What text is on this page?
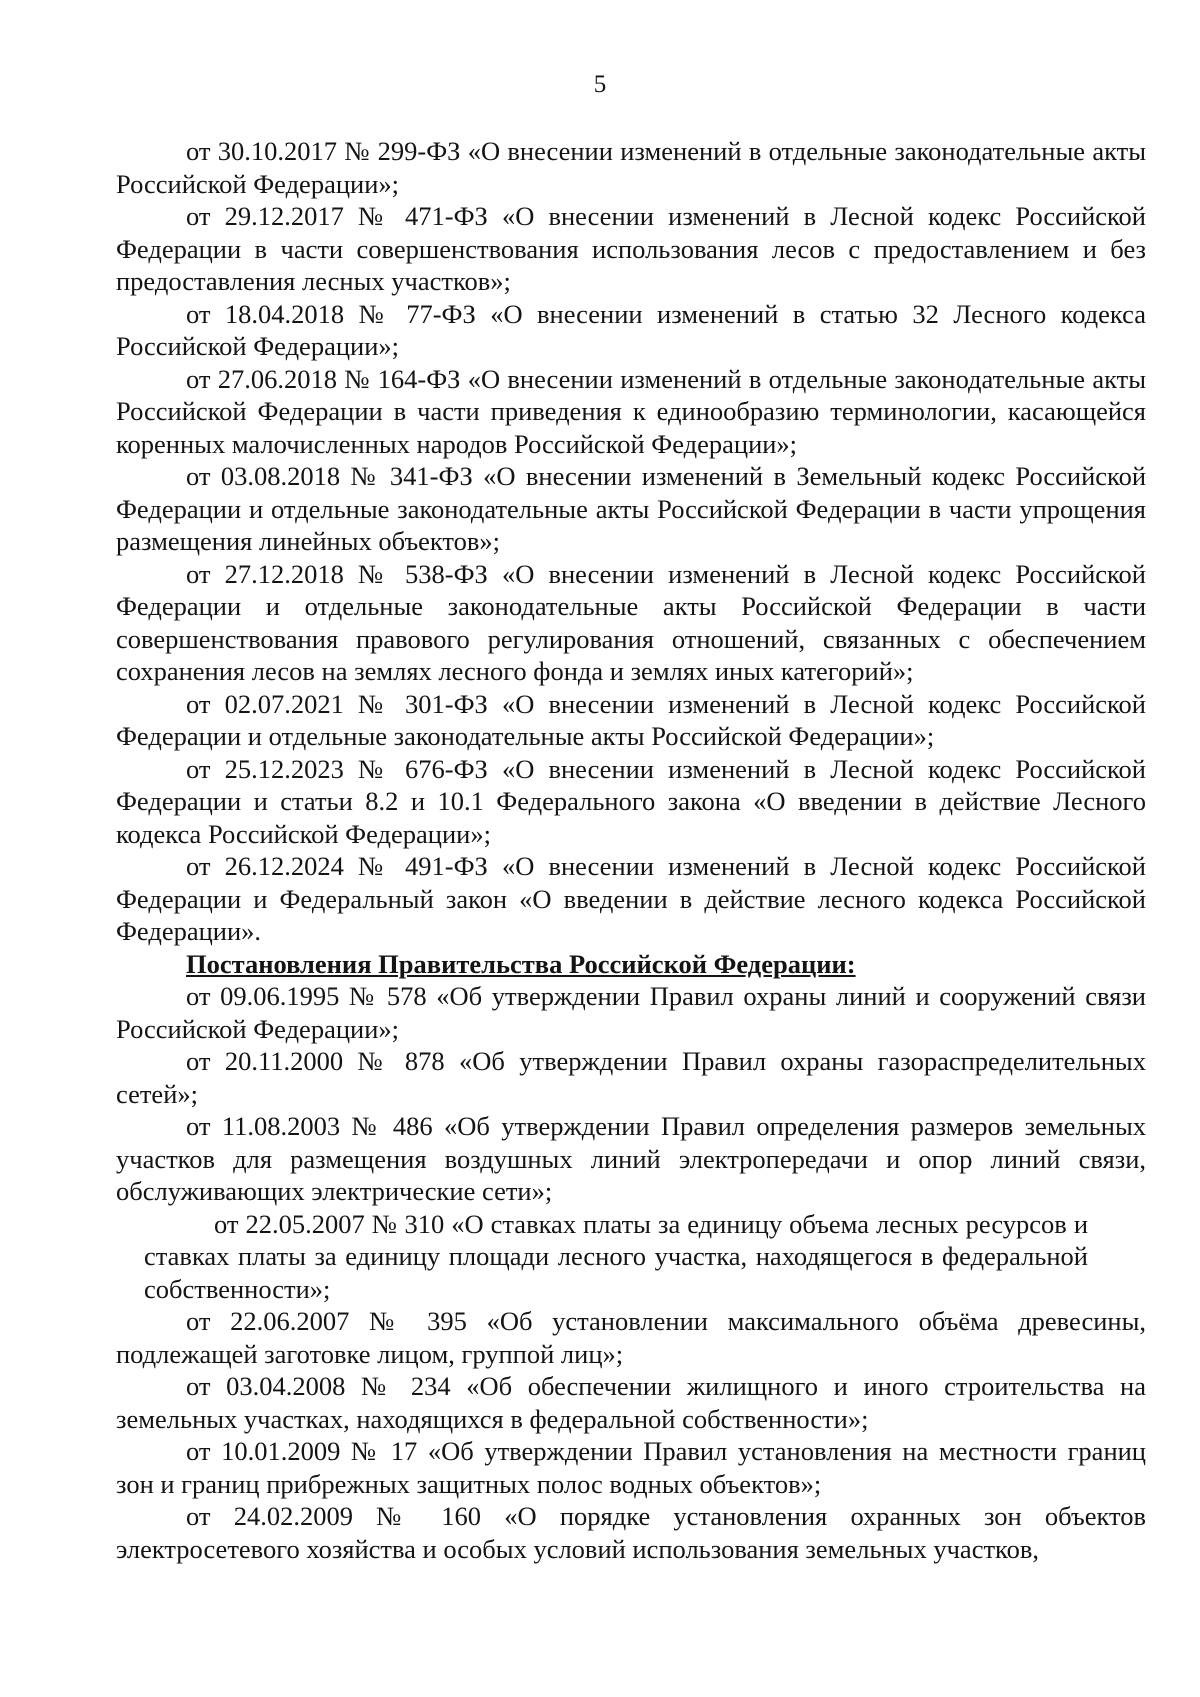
5

от 30.10.2017 № 299-ФЗ «О внесении изменений в отдельные законодательные акты Российской Федерации»;

от 29.12.2017 № 471-ФЗ «О внесении изменений в Лесной кодекс Российской Федерации в части совершенствования использования лесов с предоставлением и без предоставления лесных участков»;

от 18.04.2018 № 77-ФЗ «О внесении изменений в статью 32 Лесного кодекса Российской Федерации»;

от 27.06.2018 № 164-ФЗ «О внесении изменений в отдельные законодательные акты Российской Федерации в части приведения к единообразию терминологии, касающейся коренных малочисленных народов Российской Федерации»;

от 03.08.2018 № 341-ФЗ «О внесении изменений в Земельный кодекс Российской Федерации и отдельные законодательные акты Российской Федерации в части упрощения размещения линейных объектов»;

от 27.12.2018 № 538-ФЗ «О внесении изменений в Лесной кодекс Российской Федерации и отдельные законодательные акты Российской Федерации в части совершенствования правового регулирования отношений, связанных с обеспечением сохранения лесов на землях лесного фонда и землях иных категорий»;

от 02.07.2021 № 301-ФЗ «О внесении изменений в Лесной кодекс Российской Федерации и отдельные законодательные акты Российской Федерации»;

от 25.12.2023 № 676-ФЗ «О внесении изменений в Лесной кодекс Российской Федерации и статьи 8.2 и 10.1 Федерального закона «О введении в действие Лесного кодекса Российской Федерации»;

от 26.12.2024 № 491-ФЗ «О внесении изменений в Лесной кодекс Российской Федерации и Федеральный закон «О введении в действие лесного кодекса Российской Федерации».

Постановления Правительства Российской Федерации:

от 09.06.1995 № 578 «Об утверждении Правил охраны линий и сооружений связи Российской Федерации»;

от 20.11.2000 № 878 «Об утверждении Правил охраны газораспределительных сетей»;

от 11.08.2003 № 486 «Об утверждении Правил определения размеров земельных участков для размещения воздушных линий электропередачи и опор линий связи, обслуживающих электрические сети»;

от 22.05.2007 № 310 «О ставках платы за единицу объема лесных ресурсов и ставках платы за единицу площади лесного участка, находящегося в федеральной собственности»;

от 22.06.2007 № 395 «Об установлении максимального объёма древесины, подлежащей заготовке лицом, группой лиц»;

от 03.04.2008 № 234 «Об обеспечении жилищного и иного строительства на земельных участках, находящихся в федеральной собственности»;

от 10.01.2009 № 17 «Об утверждении Правил установления на местности границ зон и границ прибрежных защитных полос водных объектов»;

от 24.02.2009 № 160 «О порядке установления охранных зон объектов электросетевого хозяйства и особых условий использования земельных участков,
